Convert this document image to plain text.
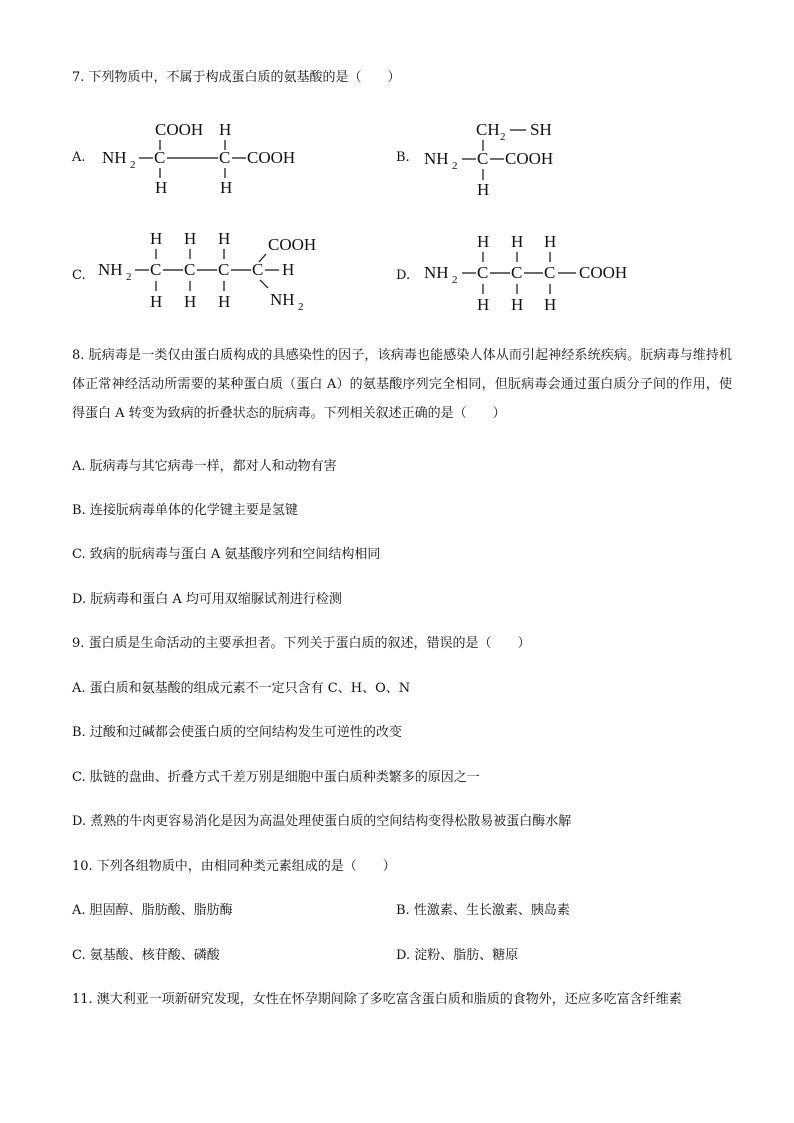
7. 下列物质中，不属于构成蛋白质的氨基酸的是（　　）
A.
COOH H
NH 2 C	C COOH
H	H
B.
CH 2 SH
NH 2 C COOH
H
C.
H H H COOH
NH 2 C C C C H
H H H NH 2
D.
H H H
NH 2 C C C COOH
H H H
8. 朊病毒是一类仅由蛋白质构成的具感染性的因子，该病毒也能感染人体从而引起神经系统疾病。朊病毒与维持机体正常神经活动所需要的某种蛋白质（蛋白 A）的氨基酸序列完全相同，但朊病毒会通过蛋白质分子间的作用，使得蛋白 A 转变为致病的折叠状态的朊病毒。下列相关叙述正确的是（　　）
A. 朊病毒与其它病毒一样，都对人和动物有害
B. 连接朊病毒单体的化学键主要是氢键
C. 致病的朊病毒与蛋白 A 氨基酸序列和空间结构相同
D. 朊病毒和蛋白 A 均可用双缩脲试剂进行检测
9. 蛋白质是生命活动的主要承担者。下列关于蛋白质的叙述，错误的是（　　）
A. 蛋白质和氨基酸的组成元素不一定只含有 C、H、O、N
B. 过酸和过碱都会使蛋白质的空间结构发生可逆性的改变
C. 肽链的盘曲、折叠方式千差万别是细胞中蛋白质种类繁多的原因之一
D. 煮熟的牛肉更容易消化是因为高温处理使蛋白质的空间结构变得松散易被蛋白酶水解
10. 下列各组物质中，由相同种类元素组成的是（　　）
A. 胆固醇、脂肪酸、脂肪酶	B. 性激素、生长激素、胰岛素
C. 氨基酸、核苷酸、磷酸	D. 淀粉、脂肪、糖原
11. 澳大利亚一项新研究发现，女性在怀孕期间除了多吃富含蛋白质和脂质的食物外，还应多吃富含纤维素
